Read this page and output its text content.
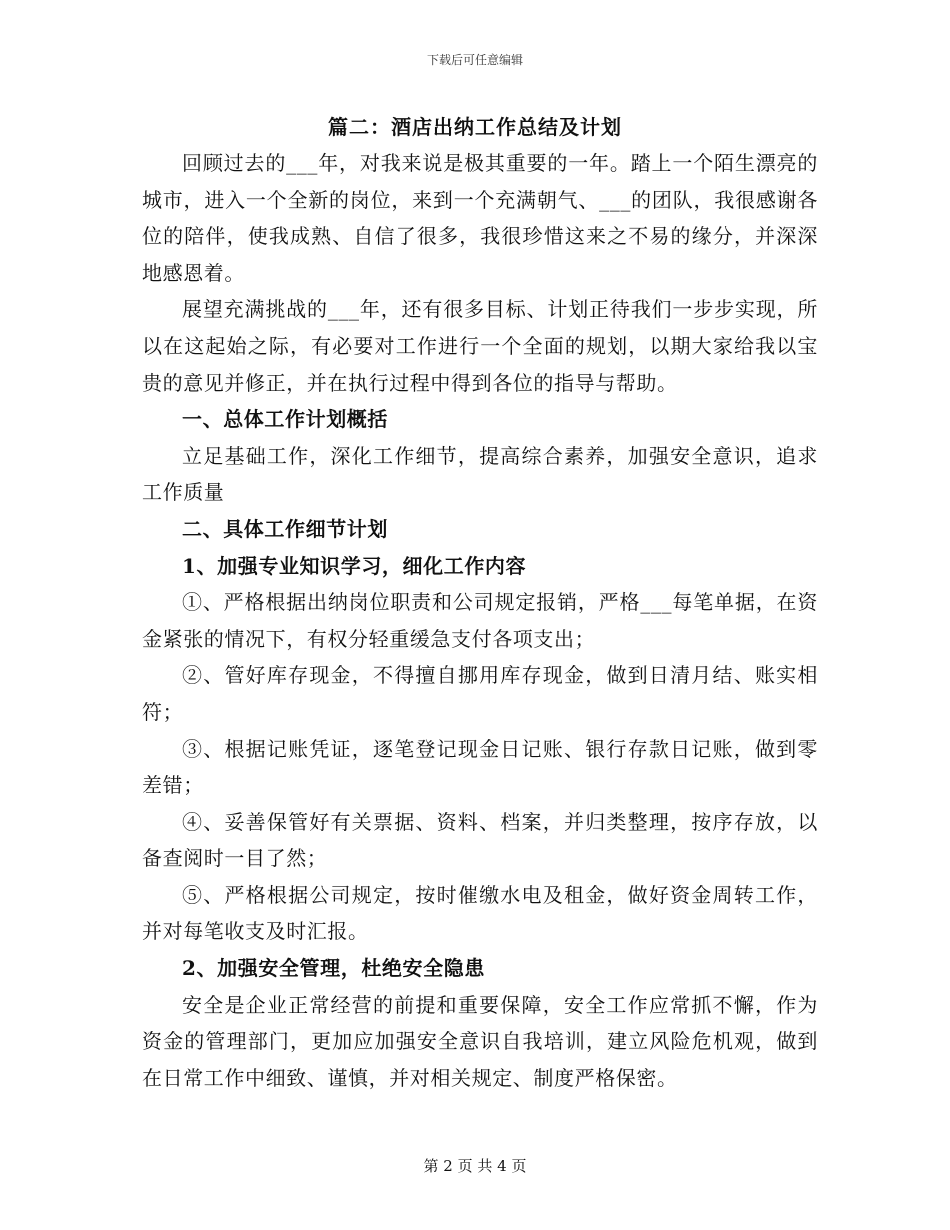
下载后可任意编辑
篇二：酒店出纳工作总结及计划

回顾过去的___年，对我来说是极其重要的一年。踏上一个陌生漂亮的城市，进入一个全新的岗位，来到一个充满朝气、___的团队，我很感谢各位的陪伴，使我成熟、自信了很多，我很珍惜这来之不易的缘分，并深深地感恩着。

展望充满挑战的___年，还有很多目标、计划正待我们一步步实现，所以在这起始之际，有必要对工作进行一个全面的规划，以期大家给我以宝贵的意见并修正，并在执行过程中得到各位的指导与帮助。

一、总体工作计划概括

立足基础工作，深化工作细节，提高综合素养，加强安全意识，追求工作质量

二、具体工作细节计划

1、加强专业知识学习，细化工作内容

①、严格根据出纳岗位职责和公司规定报销，严格___每笔单据，在资金紧张的情况下，有权分轻重缓急支付各项支出；

②、管好库存现金，不得擅自挪用库存现金，做到日清月结、账实相符；

③、根据记账凭证，逐笔登记现金日记账、银行存款日记账，做到零差错；

④、妥善保管好有关票据、资料、档案，并归类整理，按序存放，以备查阅时一目了然；

⑤、严格根据公司规定，按时催缴水电及租金，做好资金周转工作，并对每笔收支及时汇报。

2、加强安全管理，杜绝安全隐患

安全是企业正常经营的前提和重要保障，安全工作应常抓不懈，作为资金的管理部门，更加应加强安全意识自我培训，建立风险危机观，做到在日常工作中细致、谨慎，并对相关规定、制度严格保密。

第 2 页 共 4 页
